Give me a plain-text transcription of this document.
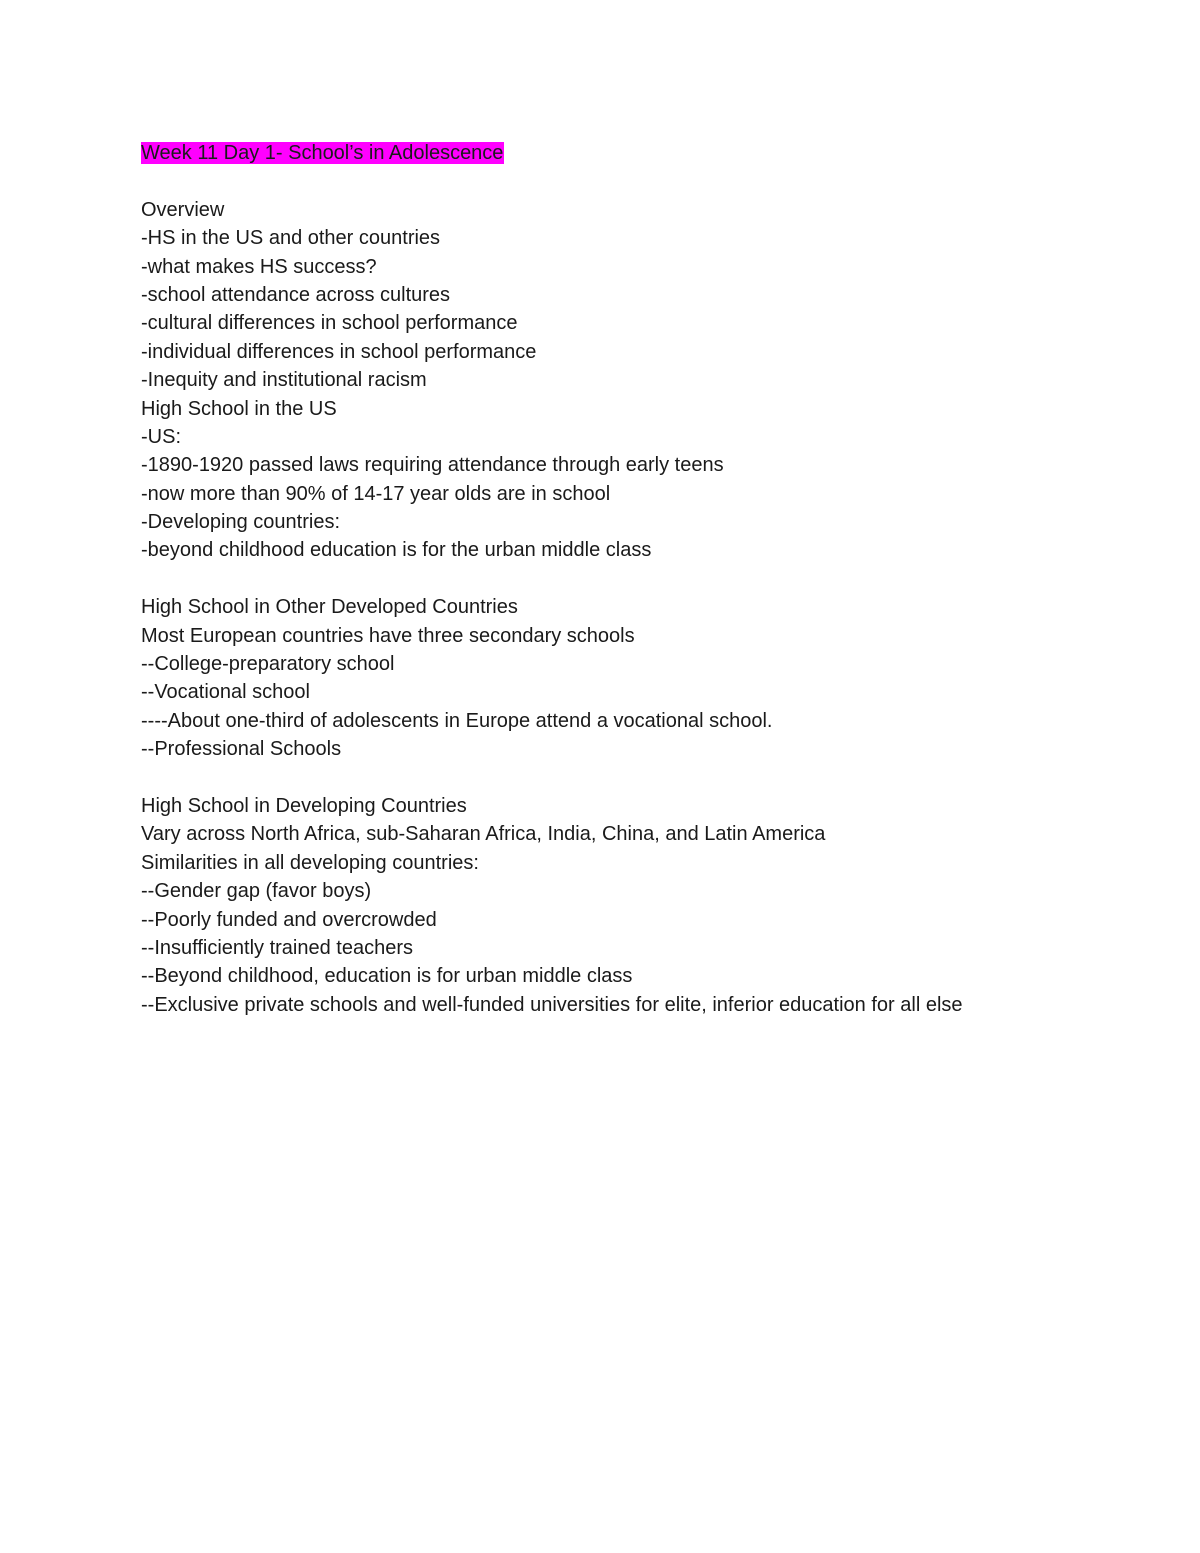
Week 11 Day 1- School’s in Adolescence
Overview
-HS in the US and other countries
-what makes HS success?
-school attendance across cultures
-cultural differences in school performance
-individual differences in school performance
-Inequity and institutional racism
High School in the US
-US:
-1890-1920 passed laws requiring attendance through early teens
-now more than 90% of 14-17 year olds are in school
-Developing countries:
-beyond childhood education is for the urban middle class
High School in Other Developed Countries
Most European countries have three secondary schools
--College-preparatory school
--Vocational school
----About one-third of adolescents in Europe attend a vocational school.
--Professional Schools
High School in Developing Countries
Vary across North Africa, sub-Saharan Africa, India, China, and Latin America
Similarities in all developing countries:
--Gender gap (favor boys)
--Poorly funded and overcrowded
--Insufficiently trained teachers
--Beyond childhood, education is for urban middle class
--Exclusive private schools and well-funded universities for elite, inferior education for all else
